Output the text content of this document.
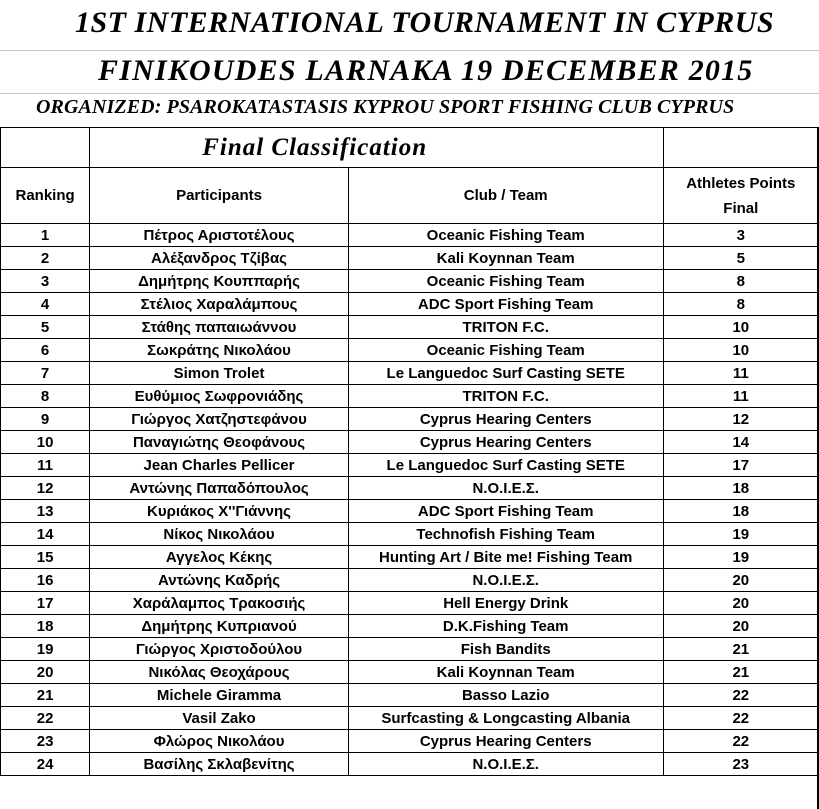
1ST INTERNATIONAL TOURNAMENT IN CYPRUS
FINIKOUDES LARNAKA 19 DECEMBER 2015
ORGANIZED: PSAROKATASTASIS KYPROU SPORT FISHING CLUB CYPRUS
	Final Classification		
Ranking	Participants	Club / Team	Athletes Points
Final

1	Πέτρος Αριστοτέλους	Oceanic Fishing Team	3
2	Αλέξανδρος Τζίβας	Kali Koynnan Team	5
3	Δημήτρης Κουππαρής	Oceanic Fishing Team	8
4	Στέλιος Χαραλάμπους	ADC Sport Fishing Team	8
5	Στάθης παπαιωάννου	TRITON F.C.	10
6	Σωκράτης Νικολάου	Oceanic Fishing Team	10
7	Simon Trolet	Le Languedoc Surf Casting SETE	11
8	Ευθύμιος Σωφρονιάδης	TRITON F.C.	11
9	Γιώργος Χατζηστεφάνου	Cyprus Hearing Centers	12
10	Παναγιώτης Θεοφάνους	Cyprus Hearing Centers	14
11	Jean Charles Pellicer	Le Languedoc Surf Casting SETE	17
12	Αντώνης Παπαδόπουλος	N.O.I.E.Σ.	18
13	Κυριάκος Χ''Γιάννης	ADC Sport Fishing Team	18
14	Νίκος Νικολάου	Technofish Fishing Team	19
15	Αγγελος Κέκης	Hunting Art / Bite me! Fishing Team	19
16	Αντώνης Καδρής	N.O.I.E.Σ.	20
17	Χαράλαμπος Τρακοσιής	Hell Energy Drink	20
18	Δημήτρης Κυπριανού	D.K.Fishing Team	20
19	Γιώργος Χριστοδούλου	Fish Bandits	21
20	Νικόλας Θεοχάρους	Kali Koynnan Team	21
21	Michele Giramma	Basso Lazio	22
22	Vasil Zako	Surfcasting & Longcasting Albania	22
23	Φλώρος Νικολάου	Cyprus Hearing Centers	22
24	Βασίλης Σκλαβενίτης	N.O.I.E.Σ.	23
